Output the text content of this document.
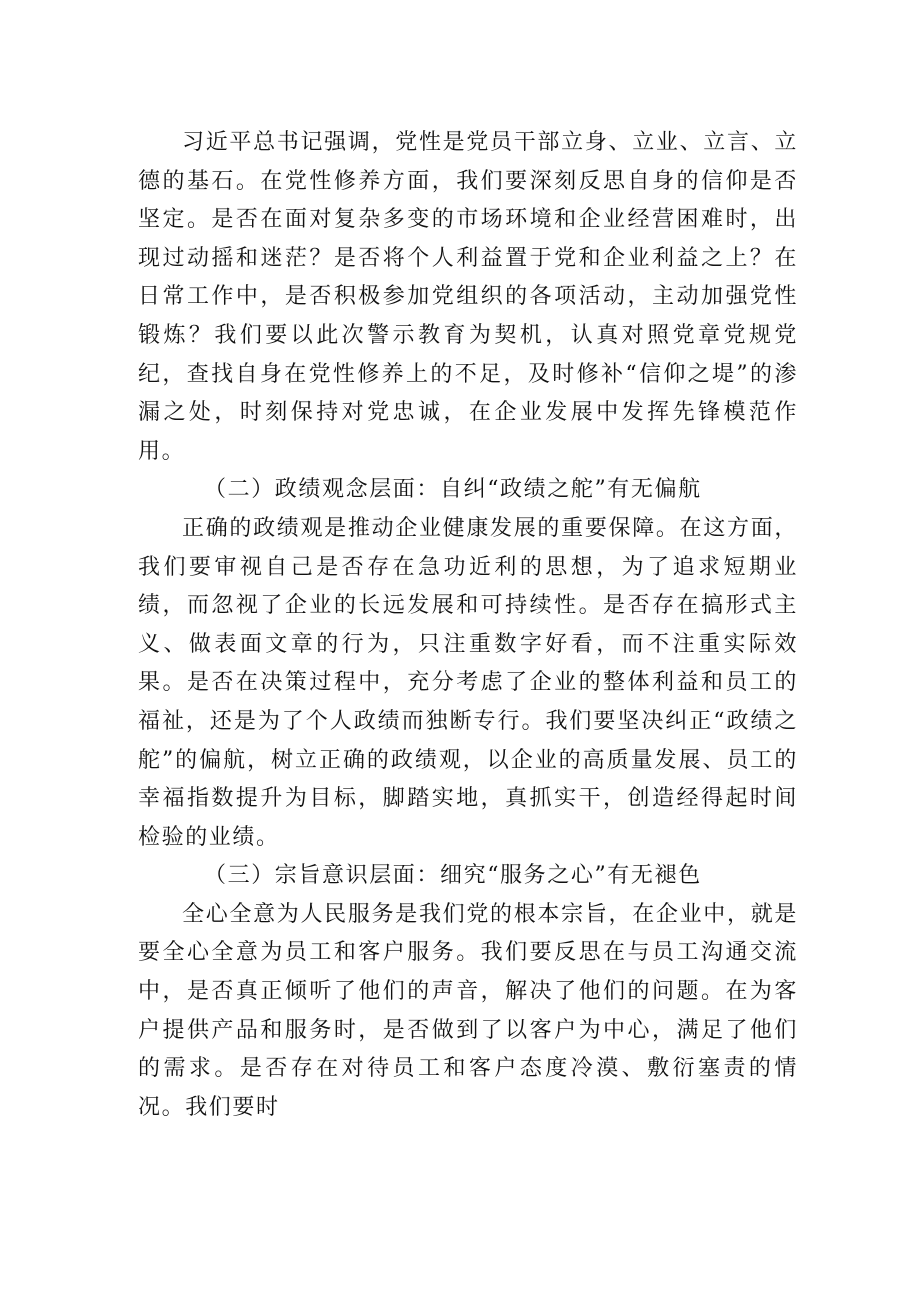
习近平总书记强调，党性是党员干部立身、立业、立言、立德的基石。在党性修养方面，我们要深刻反思自身的信仰是否坚定。是否在面对复杂多变的市场环境和企业经营困难时，出现过动摇和迷茫？是否将个人利益置于党和企业利益之上？在日常工作中，是否积极参加党组织的各项活动，主动加强党性锻炼？我们要以此次警示教育为契机，认真对照党章党规党纪，查找自身在党性修养上的不足，及时修补“信仰之堤”的渗漏之处，时刻保持对党忠诚，在企业发展中发挥先锋模范作用。

（二）政绩观念层面：自纠“政绩之舵”有无偏航

正确的政绩观是推动企业健康发展的重要保障。在这方面，我们要审视自己是否存在急功近利的思想，为了追求短期业绩，而忽视了企业的长远发展和可持续性。是否存在搞形式主义、做表面文章的行为，只注重数字好看，而不注重实际效果。是否在决策过程中，充分考虑了企业的整体利益和员工的福祉，还是为了个人政绩而独断专行。我们要坚决纠正“政绩之舵”的偏航，树立正确的政绩观，以企业的高质量发展、员工的幸福指数提升为目标，脚踏实地，真抓实干，创造经得起时间检验的业绩。

（三）宗旨意识层面：细究“服务之心”有无褪色

全心全意为人民服务是我们党的根本宗旨，在企业中，就是要全心全意为员工和客户服务。我们要反思在与员工沟通交流中，是否真正倾听了他们的声音，解决了他们的问题。在为客户提供产品和服务时，是否做到了以客户为中心，满足了他们的需求。是否存在对待员工和客户态度冷漠、敷衍塞责的情况。我们要时
